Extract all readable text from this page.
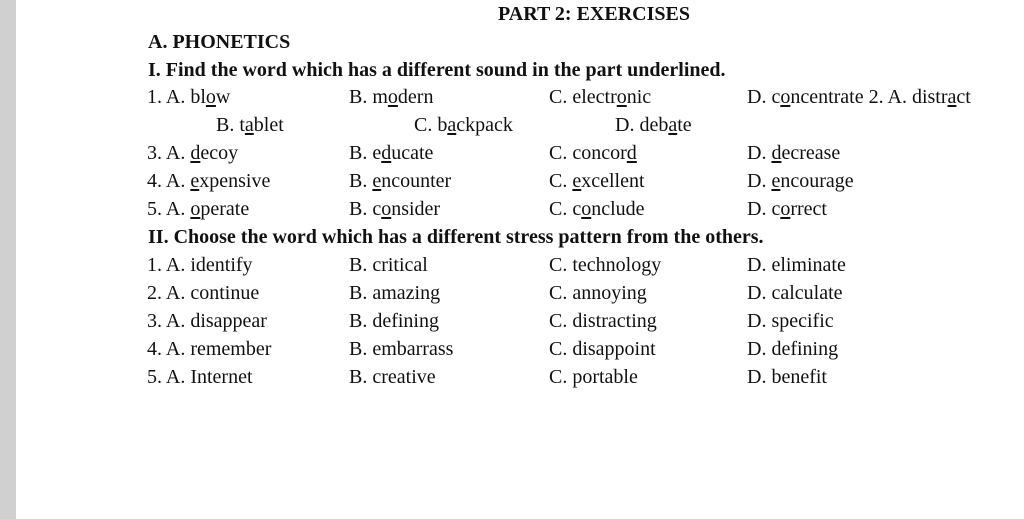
PART 2: EXERCISES
A. PHONETICS
I. Find the word which has a different sound in the part underlined.
1. A. blow	B. modern	C. electronic	D. concentrate 2. A. distract
B. tablet	C. backpack	D. debate
3. A. decoy	B. educate	C. concord	D. decrease
4. A. expensive	B. encounter	C. excellent	D. encourage
5. A. operate	B. consider	C. conclude	D. correct
II. Choose the word which has a different stress pattern from the others.
1. A. identify	B. critical	C. technology	D. eliminate
2. A. continue	B. amazing	C. annoying	D. calculate
3. A. disappear	B. defining	C. distracting	D. specific
4. A. remember	B. embarrass	C. disappoint	D. defining
5. A. Internet	B. creative	C. portable	D. benefit
